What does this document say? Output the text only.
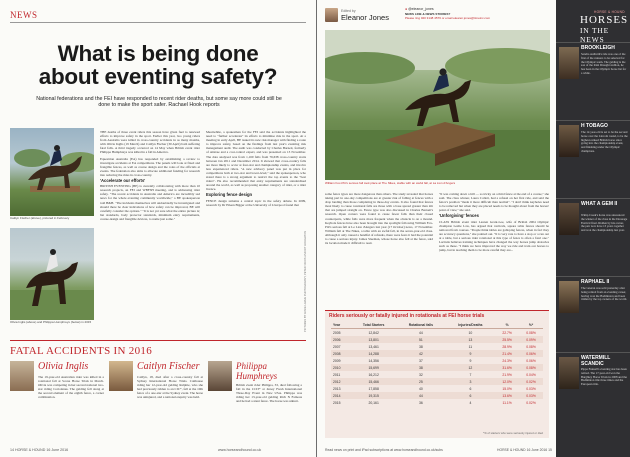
NEWS
What is being done
about eventing safety?
National federations and the FEI have responded to recent rider deaths, but some say more could still be done to make the sport safer. Rachael Hook reports
Caitlyn Fischer (above), pictured in February
Olivia Inglis (above) and Philippa Humphreys (below) in 2015
THE deaths of three event riders this season have given fuel to renewed efforts to improve safety in the sport. Earlier this year, two young riders from Australia were killed in cross-country accidents in as many months, with Olivia Inglis (19 March) and Caitlyn Fischer (30 April) both suffering fatal falls. A third tragedy occurred on 14 May when British event rider Philippa Humphreys was killed in a fall in America.
Equestrian Australia (EA) has responded by establishing a review to investigate accidents at EA competitions. The panels will look at fixed and frangible fences, as well as course design and the roles of the officials at events. The federation also aims to allocate additional funding for research into reducing the risks in cross-country.
'Accelerate our efforts'
BRITISH EVENTING (BE) is currently collaborating with more than 10 research projects, an FEI and WBFSH meeting, and is addressing rider safety. "The recent accidents in Australia and America are incredibly sad news for the whole eventing community worldwide," a BE spokesperson told H&H. "The incidents themselves will undoubtedly be investigated and should there be clear indications of how safety can be improved, BE will carefully consider the options." "It is not yet sure what the entire picture is; but standards, body protector standards, minimum entry requirements, course-design and frangible devices, to name just some."
Meanwhile, a spokesman for the FEI said the accidents highlighted the need to "further accelerate" its efforts to minimise risk in the sport. At a meeting in early April, BE tasked its new risk manager with finding a route to improve safety, based on the findings from last year's eventing risk management audit. The audit was conducted by Charles Barnett, formerly of Aintree and a cost-control expert, and was presented on 13 November. The data analysed was from 1,160 falls from 76,638 cross-country starts between Jan 2011 and December 2014. It showed that cross-country falls are more likely to occur at four-star and championship events, and involve less experienced riders. "A new advisory panel was put in place for competitions both at two-star and lower-level," said the spokesperson, who stated there is a strong argument to restrict the top events to the "best riders". He also recommended that entry requirements are standardised around the world, as well as proposing another category of rider, or a rider licence.
Exploring fence design
FENCE design remains a central topic in the safety debate. In 2009, research by Dr Eileen Bigger at the University of Liverpool found that
FATAL ACCIDENTS IN 2016
Olivia Inglis
The 19-year-old Australian rider was killed in a rotational fall at Scone Horse Trials in March. Olivia was competing in her second national two-star riding Coriolanus. The gelding fell along at the second element of the eighth fence, a corner combination.
Caitlyn Fischer
Caitlyn, 18, died after a cross-country fall at Sydney International Horse Trials. Caithouse riding her 12-year-old gelding Ralphie, who she had previously ridden to an CIC*, fell at the 10th fence of a one-star at the Sydney event. The horse was uninjured, and a national enquiry was held.
Philippa Humphreys
British event rider Philippa, 33, died following a fall in the CCI3* at Jersey Fresh International Three-Day Event in New USA. Philippa was riding her 13-year-old gelding Rich N Famous and he had a stunt fence. The horse was unhurt.
PICTURES BY ANNIE LARUE PHOTOGRAPHY, PETER NIXON AND KIT HOUGHTON
14 HORSE & HOUND 16 June 2016	www.horseandhound.co.uk
Edited by
Eleanor Jones
● @eleanor_jones
NEWS LINE & NEWS STORIES?
Please ring 020 3148 4576 or email eleanor.jones@timeinc.com
William Fox-Pitt's serious fall took place at The Nikes, stable with an awful fall, at La Lion d'Angers
some fence types are more dangerous than others. The study revealed that horses taking part in one-day competitions are at greater risk of falling at fences with a drop landing than those completing in three-day events. It also found that fences most likely to cause rotational falls are those with a base spread greater than 2m that are jumped straight on. Fence type was also discussed in Charles Barnett's research. Open corners were found to cause fewer falls than their closed counterparts, while falls were more frequent when the obstacle is on a mound. Keyhole fences have also been brought into the spotlight following William Fox-Pitt's serious fall at Le Lion d'Angers last year (17 October) news, 17 November. William fell at The Nikes, a table with an awful fall, in the seven-year-old class. Although it only caused a handful of refusals, there were fears it had the potential to cause a serious injury. James Sleeman, whose horse also fell at the fence, said its location made it difficult to read.
"It was coming down a hill — so tricky on a third fence at the end of a course," she said. The class winner, Laura Collett, had a refusal on her first ride, and said the fence's position "made it more difficult than normal". "I don't think keyholes need to be removed but when they are placed needs to be thought about from the horses' point of view," she said.
'Unforgiving' fences
CLASS British event rider Lauren Grant-Lee, wife of British 2004 Olympic champion Leslie Law, has argued that verticals, square table fences should be removed from courses. "People think tables are galloping fences, when in fact they are accuracy questions," she pointed out. "It is very rare to have a stop or a run out at a table, but a serious rider rotational at this type of fence is often a fatal one." Lucinda believes training techniques have changed the way horses jump obstacles such as these. "I think we have improved the way we ride and train our horses to jump, but in teaching them to be more careful they are...
Riders seriously or fatally injured in rotationals at FEI horse trials
Year	Total Starters	Rotational falls	Injuries/Deaths	%	%*
2005	12,842	44	10	22.7%	0.08%
2006	13,801	51	13	25.5%	0.09%
2007	13,461	38	11	28.9%	0.08%
2008	14,288	42	9	21.4%	0.06%
2009	14,356	37	9	24.3%	0.06%
2010	15,699	38	12	31.6%	0.08%
2011	16,212	32	7	21.9%	0.04%
2012	15,466	25	3	12.0%	0.02%
2013	17,858	40	6	15.0%	0.03%
2014	19,315	44	6	13.6%	0.03%
2015	20,161	36	4	11.1%	0.02%
*% of starters who were seriously injured or died
HORSE & HOUND
HORSES
IN THE NEWS
BROOKLEIGH
Sandra Auffarth's ride was one of the first of the runners to be selected for the Olympic team. The gelding is the son of the Irish Draught stallion, he has been in the Olympic horse list for a while.
H TOBAGO
The 12-year-old is set to be the second horse over the Lincoln round, to be the highest-ranked British horse since going into the championship event, and finishing under the Olympic champions.
WHAT A GEM II
Wimp Creek's horse was announced the winner of the class in the Dressage Festival final. Ridden by his owner, the pair now have 13 years together and won the championship last year.
RAPHAEL II
The veteran was sold yesterday after being retired from an eventing career, having won the Badminton and been ridden by the top owners of the world.
WATERMILL SCANDIC
Pippa Funnell's eventing star has been retired. The 17-year-old won the Burghley Horse Trials in 2008 and the Badminton title three times and the European title.
Read news on print and iPad subscriptions at www.horseandhound.co.uk/subs	HORSE & HOUND 16 June 2016 15
